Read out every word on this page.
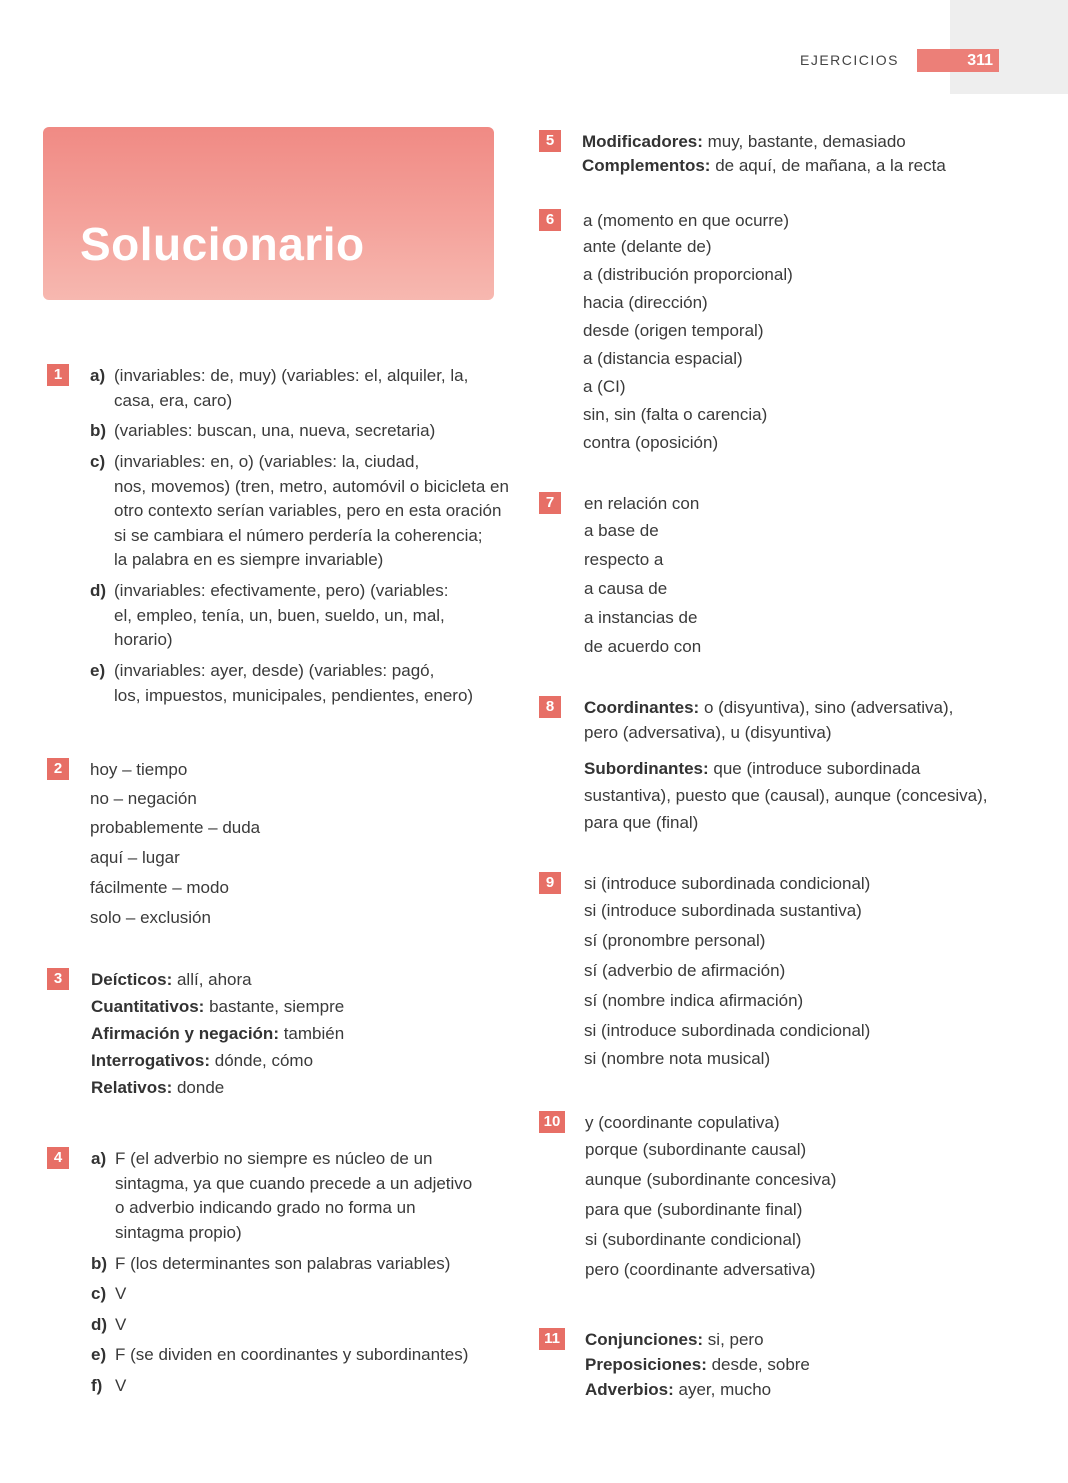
EJERCICIOS	311
Solucionario
1	a) (invariables: de, muy) (variables: el, alquiler, la,
casa, era, caro)
b) (variables: buscan, una, nueva, secretaria)
c) (invariables: en, o) (variables: la, ciudad,
nos, movemos) (tren, metro, automóvil o bicicleta en
otro contexto serían variables, pero en esta oración
si se cambiara el número perdería la coherencia;
la palabra en es siempre invariable)
d) (invariables: efectivamente, pero) (variables:
el, empleo, tenía, un, buen, sueldo, un, mal,
horario)
e) (invariables: ayer, desde) (variables: pagó,
los, impuestos, municipales, pendientes, enero)
2	hoy – tiempo
no – negación
probablemente – duda
aquí – lugar
fácilmente – modo
solo – exclusión
3	Deícticos: allí, ahora
Cuantitativos: bastante, siempre
Afirmación y negación: también
Interrogativos: dónde, cómo
Relativos: donde
4	a) F (el adverbio no siempre es núcleo de un
sintagma, ya que cuando precede a un adjetivo
o adverbio indicando grado no forma un
sintagma propio)
b) F (los determinantes son palabras variables)
c) V
d) V
e) F (se dividen en coordinantes y subordinantes)
f) V
5	Modificadores: muy, bastante, demasiado
Complementos: de aquí, de mañana, a la recta
6	a (momento en que ocurre)
ante (delante de)
a (distribución proporcional)
hacia (dirección)
desde (origen temporal)
a (distancia espacial)
a (CI)
sin, sin (falta o carencia)
contra (oposición)
7	en relación con
a base de
respecto a
a causa de
a instancias de
de acuerdo con
8	Coordinantes: o (disyuntiva), sino (adversativa),
pero (adversativa), u (disyuntiva)
Subordinantes: que (introduce subordinada
sustantiva), puesto que (causal), aunque (concesiva),
para que (final)
9	si (introduce subordinada condicional)
si (introduce subordinada sustantiva)
sí (pronombre personal)
sí (adverbio de afirmación)
sí (nombre indica afirmación)
si (introduce subordinada condicional)
si (nombre nota musical)
10 y (coordinante copulativa)
porque (subordinante causal)
aunque (subordinante concesiva)
para que (subordinante final)
si (subordinante condicional)
pero (coordinante adversativa)
11 Conjunciones: si, pero
Preposiciones: desde, sobre
Adverbios: ayer, mucho
